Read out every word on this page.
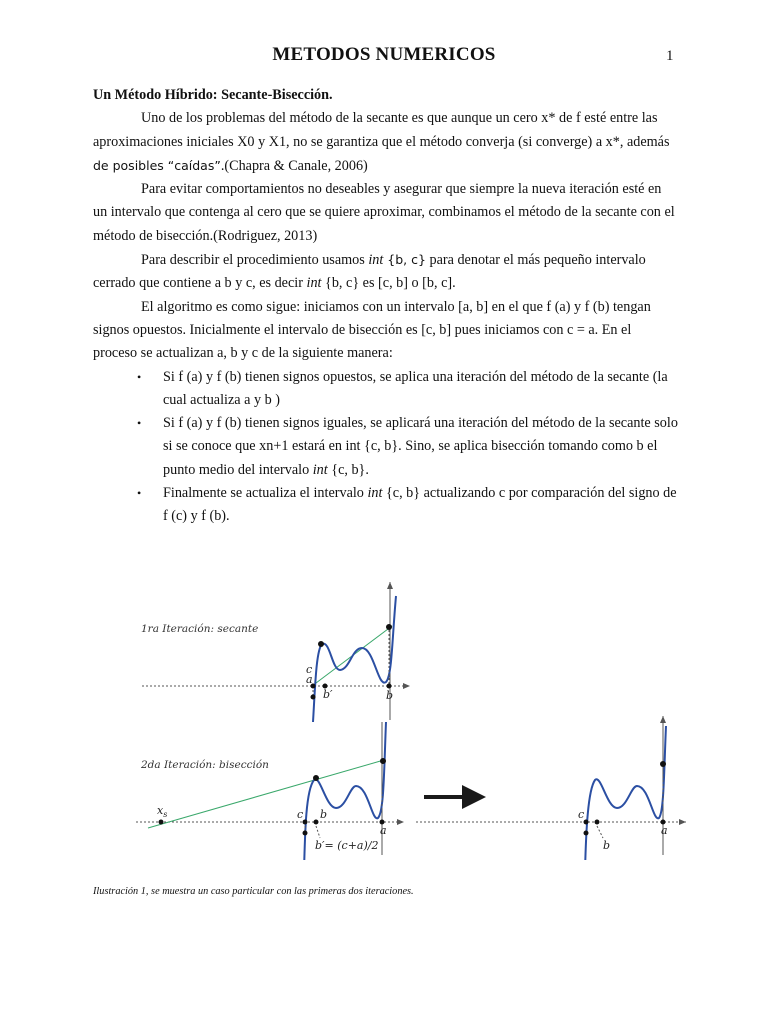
METODOS NUMERICOS	1

Un Método Híbrido: Secante-Bisección.

Uno de los problemas del método de la secante es que aunque un cero x* de f esté entre las aproximaciones iniciales X0 y X1, no se garantiza que el método converja (si converge) a x*, además de posibles “caídas”.(Chapra & Canale, 2006)

Para evitar comportamientos no deseables y asegurar que siempre la nueva iteración esté en un intervalo que contenga al cero que se quiere aproximar, combinamos el método de la secante con el método de bisección.(Rodriguez, 2013)

Para describir el procedimiento usamos int {b, c} para denotar el más pequeño intervalo cerrado que contiene a b y c, es decir int {b, c} es [c, b] o [b, c].

El algoritmo es como sigue: iniciamos con un intervalo [a, b] en el que f (a) y f (b) tengan signos opuestos. Inicialmente el intervalo de bisección es [c, b] pues iniciamos con c = a. En el proceso se actualizan a, b y c de la siguiente manera:

• Si f (a) y f (b) tienen signos opuestos, se aplica una iteración del método de la secante (la cual actualiza a y b )
• Si f (a) y f (b) tienen signos iguales, se aplicará una iteración del método de la secante solo si se conoce que xn+1 estará en int {c, b}. Sino, se aplica bisección tomando como b el punto medio del intervalo int {c, b}.
• Finalmente se actualiza el intervalo int {c, b} actualizando c por comparación del signo de f (c) y f (b).
1ra Iteración: secante
c
a
b′	b
2da Iteración: bisección
$x_s$	c b
a
b′= (c+a)/2
c
a
b
Ilustración 1, se muestra un caso particular con las primeras dos iteraciones.
